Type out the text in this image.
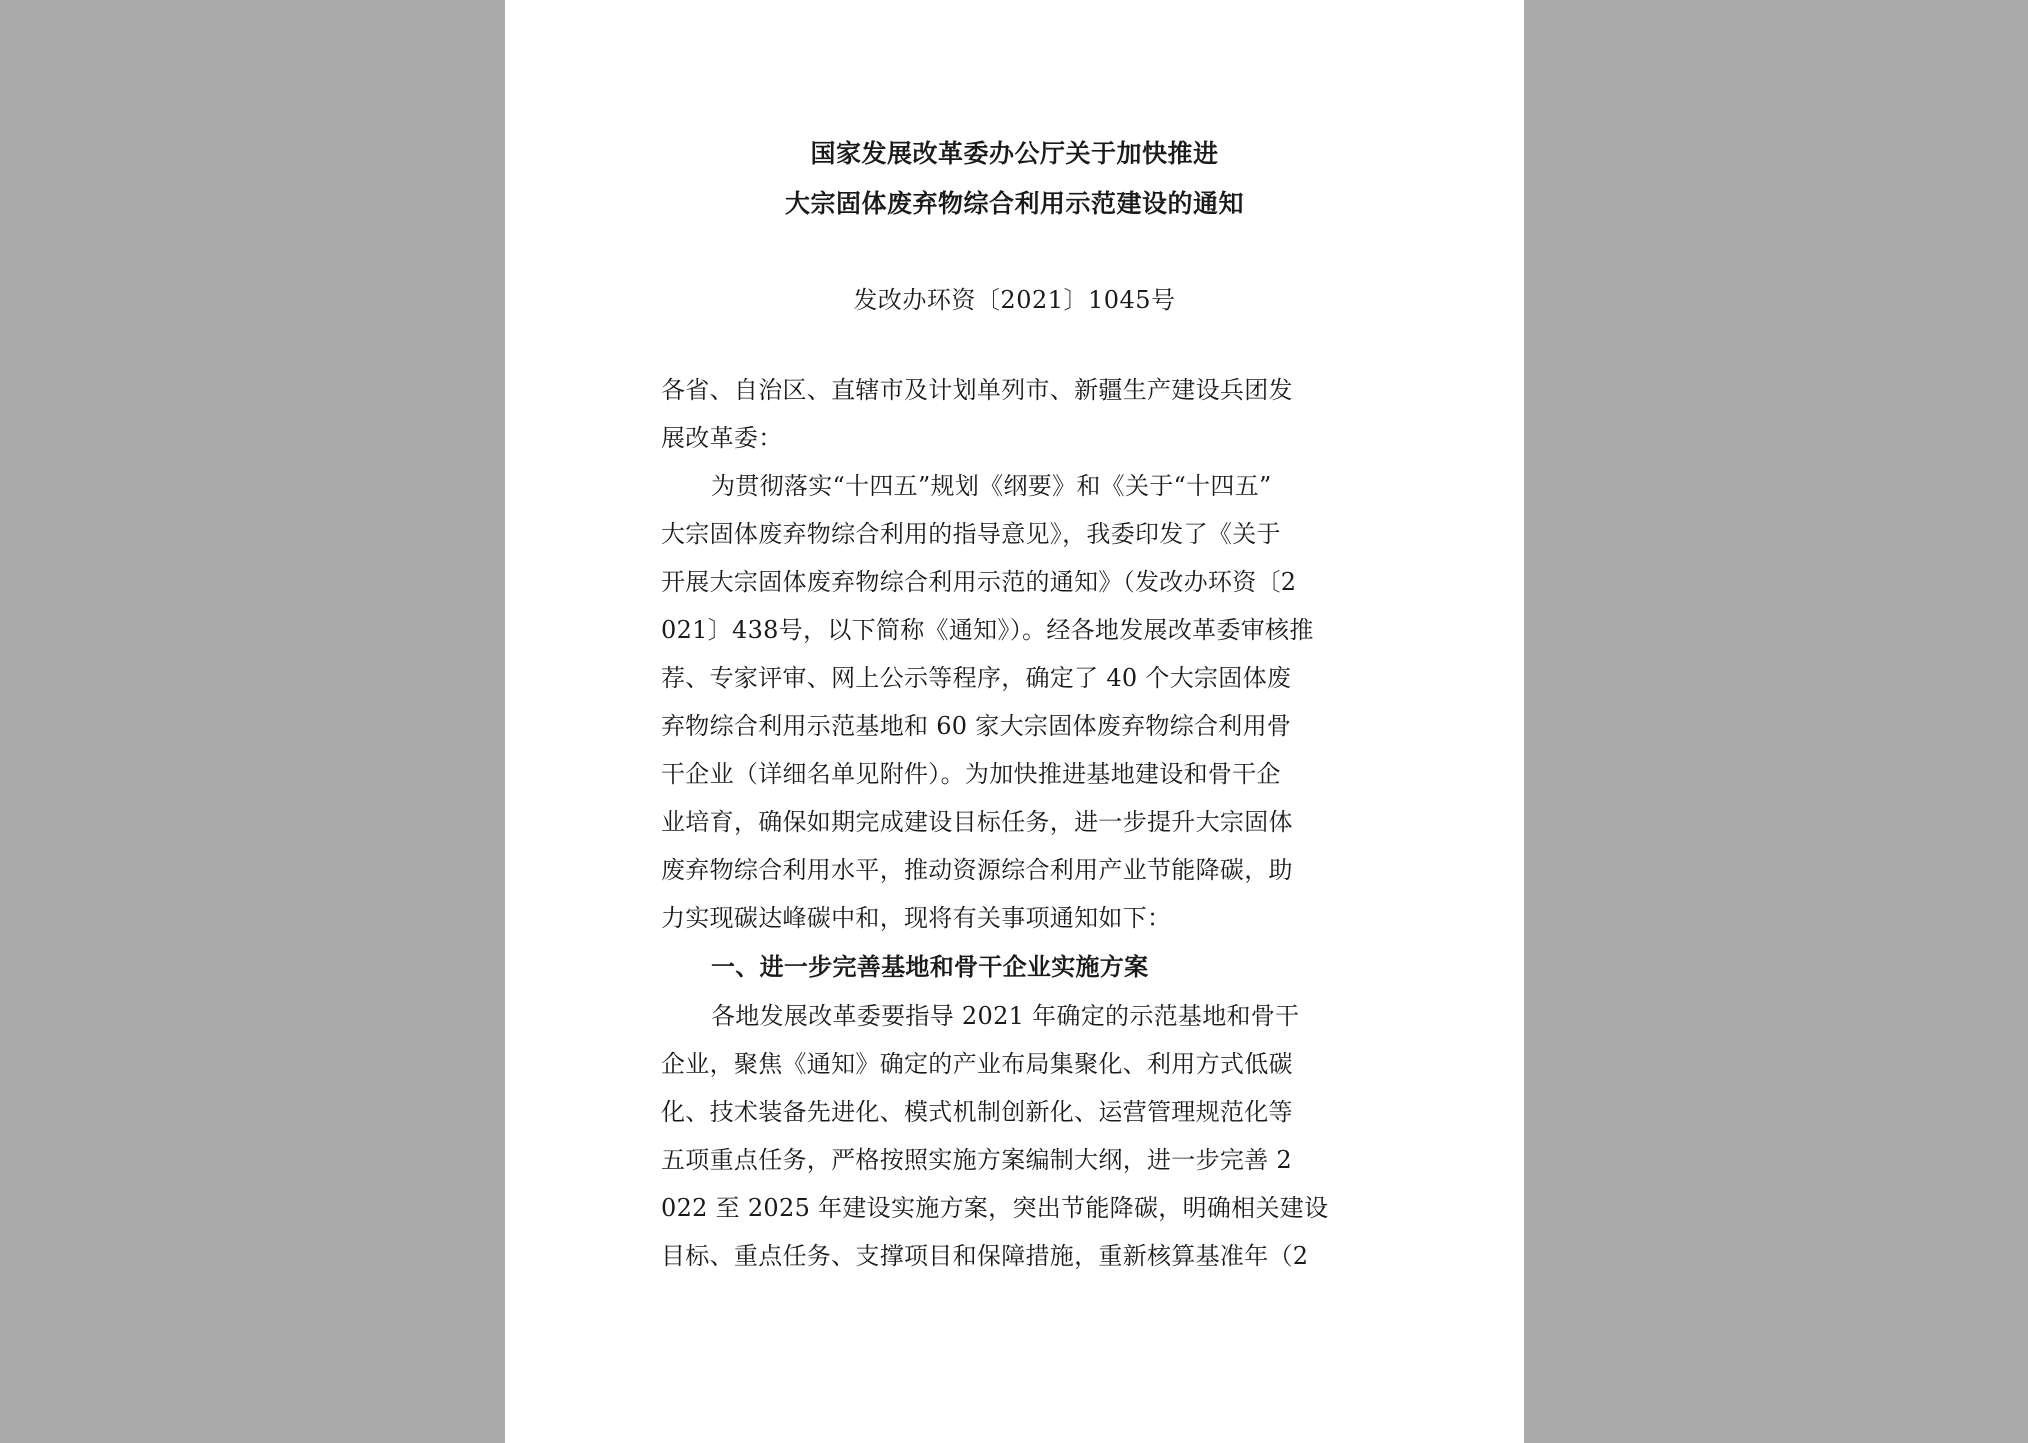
国家发展改革委办公厅关于加快推进
大宗固体废弃物综合利用示范建设的通知
发改办环资〔2021〕1045号
各省、自治区、直辖市及计划单列市、新疆生产建设兵团发
展改革委：
为贯彻落实“十四五”规划《纲要》和《关于“十四五”
大宗固体废弃物综合利用的指导意见》，我委印发了《关于
开展大宗固体废弃物综合利用示范的通知》（发改办环资〔2
021〕438号，以下简称《通知》）。经各地发展改革委审核推
荐、专家评审、网上公示等程序，确定了 40 个大宗固体废
弃物综合利用示范基地和 60 家大宗固体废弃物综合利用骨
干企业（详细名单见附件）。为加快推进基地建设和骨干企
业培育，确保如期完成建设目标任务，进一步提升大宗固体
废弃物综合利用水平，推动资源综合利用产业节能降碳，助
力实现碳达峰碳中和，现将有关事项通知如下：
一、进一步完善基地和骨干企业实施方案
各地发展改革委要指导 2021 年确定的示范基地和骨干
企业，聚焦《通知》确定的产业布局集聚化、利用方式低碳
化、技术装备先进化、模式机制创新化、运营管理规范化等
五项重点任务，严格按照实施方案编制大纲，进一步完善 2
022 至 2025 年建设实施方案，突出节能降碳，明确相关建设
目标、重点任务、支撑项目和保障措施，重新核算基准年（2
